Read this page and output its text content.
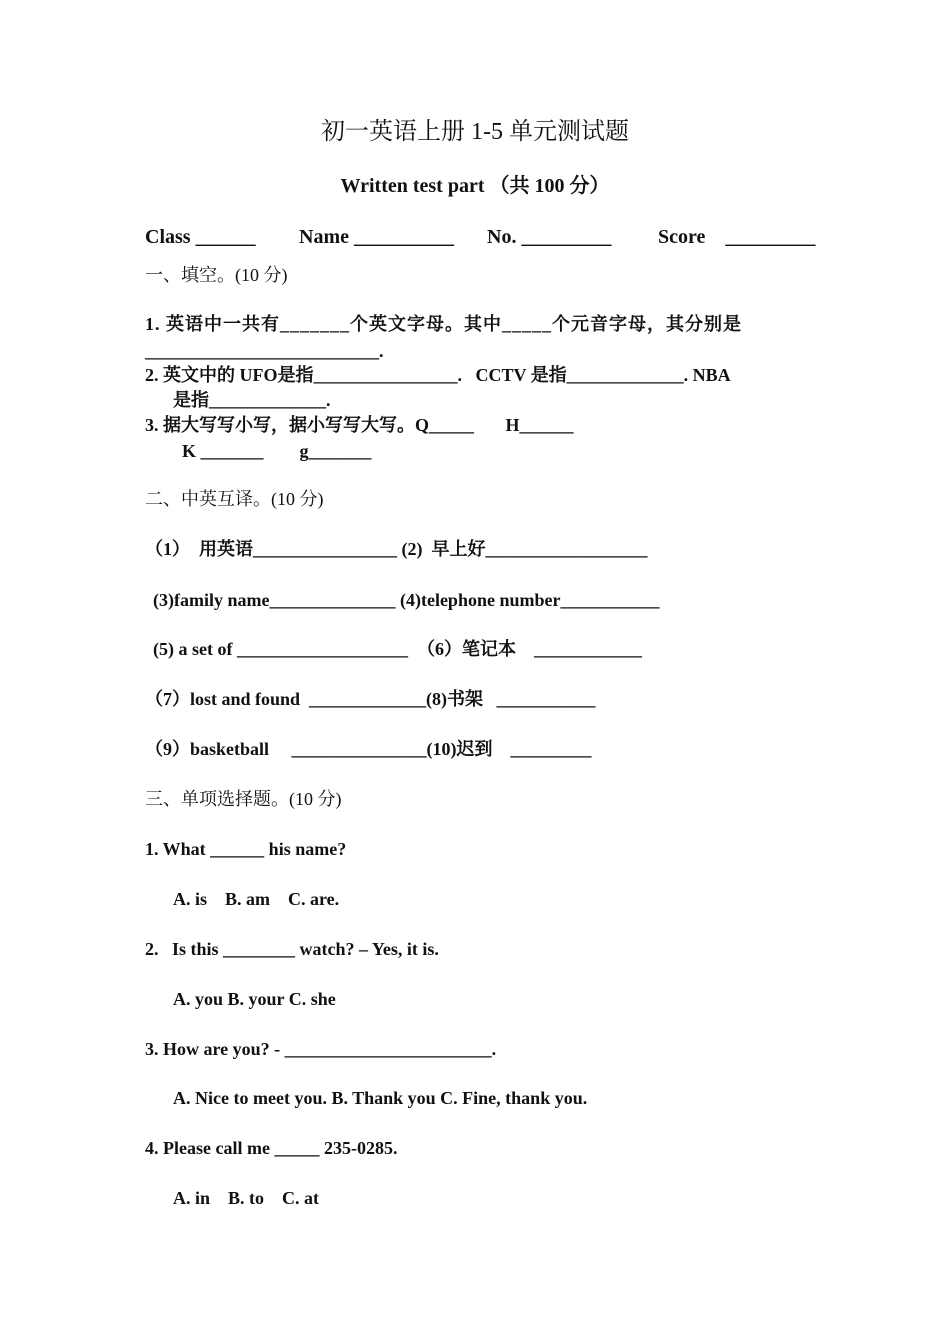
初一英语上册 1-5 单元测试题
Written test part （共 100 分）

Class ______

Name __________

No. _________

Score    _________

一、填空。(10 分)
1. 英语中一共有_______个英文字母。其中_____个元音字母，其分别是
__________________________.
2. 英文中的 UFO是指________________.   CCTV 是指_____________. NBA
是指_____________.
3. 据大写写小写，据小写写大写。Q_____       H______
K _______        g_______
二、中英互译。(10 分)
（1）  用英语________________ (2)  早上好__________________
(3)family name______________ (4)telephone number___________
(5) a set of ___________________  （6）笔记本    ____________
（7）lost and found  _____________(8)书架   ___________
（9）basketball     _______________(10)迟到    _________
三、单项选择题。(10 分)
1. What ______ his name?
A. is    B. am    C. are.
2.   Is this ________ watch? – Yes, it is.
A. you B. your C. she
3. How are you? - _______________________.
A. Nice to meet you. B. Thank you C. Fine, thank you.
4. Please call me _____ 235-0285.
A. in    B. to    C. at
